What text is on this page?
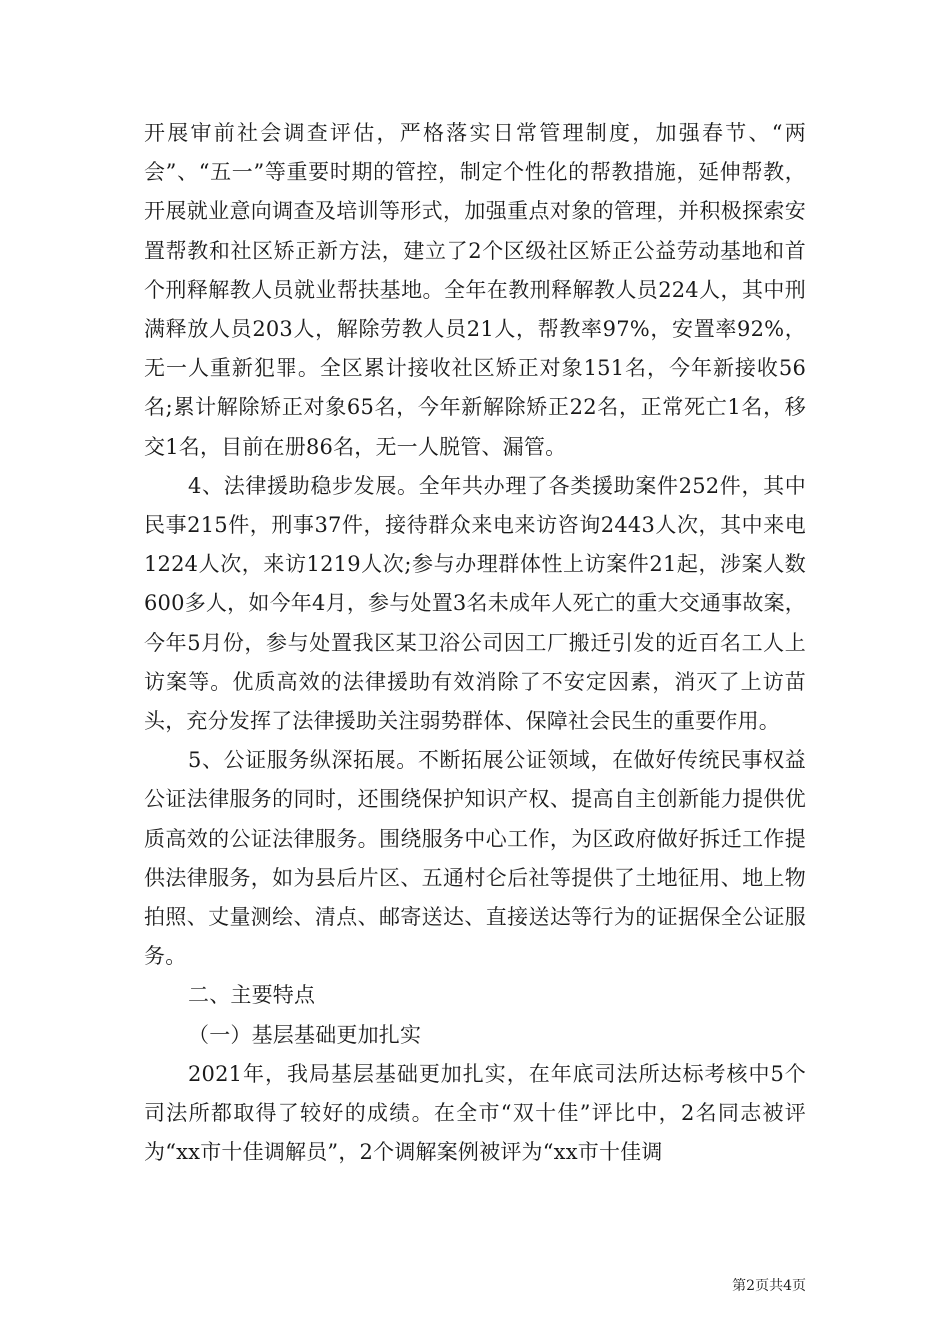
开展审前社会调查评估，严格落实日常管理制度，加强春节、“两会”、“五一”等重要时期的管控，制定个性化的帮教措施，延伸帮教，开展就业意向调查及培训等形式，加强重点对象的管理，并积极探索安置帮教和社区矫正新方法，建立了2个区级社区矫正公益劳动基地和首个刑释解教人员就业帮扶基地。全年在教刑释解教人员224人，其中刑满释放人员203人，解除劳教人员21人，帮教率97%，安置率92%，无一人重新犯罪。全区累计接收社区矫正对象151名，今年新接收56名;累计解除矫正对象65名，今年新解除矫正22名，正常死亡1名，移交1名，目前在册86名，无一人脱管、漏管。

4、法律援助稳步发展。全年共办理了各类援助案件252件，其中民事215件，刑事37件，接待群众来电来访咨询2443人次，其中来电1224人次，来访1219人次;参与办理群体性上访案件21起，涉案人数600多人，如今年4月，参与处置3名未成年人死亡的重大交通事故案，今年5月份，参与处置我区某卫浴公司因工厂搬迁引发的近百名工人上访案等。优质高效的法律援助有效消除了不安定因素，消灭了上访苗头，充分发挥了法律援助关注弱势群体、保障社会民生的重要作用。

5、公证服务纵深拓展。不断拓展公证领域，在做好传统民事权益公证法律服务的同时，还围绕保护知识产权、提高自主创新能力提供优质高效的公证法律服务。围绕服务中心工作，为区政府做好拆迁工作提供法律服务，如为县后片区、五通村仑后社等提供了土地征用、地上物拍照、丈量测绘、清点、邮寄送达、直接送达等行为的证据保全公证服务。

二、主要特点

（一）基层基础更加扎实

2021年，我局基层基础更加扎实，在年底司法所达标考核中5个司法所都取得了较好的成绩。在全市“双十佳”评比中，2名同志被评为“xx市十佳调解员”，2个调解案例被评为“xx市十佳调

第2页共4页
